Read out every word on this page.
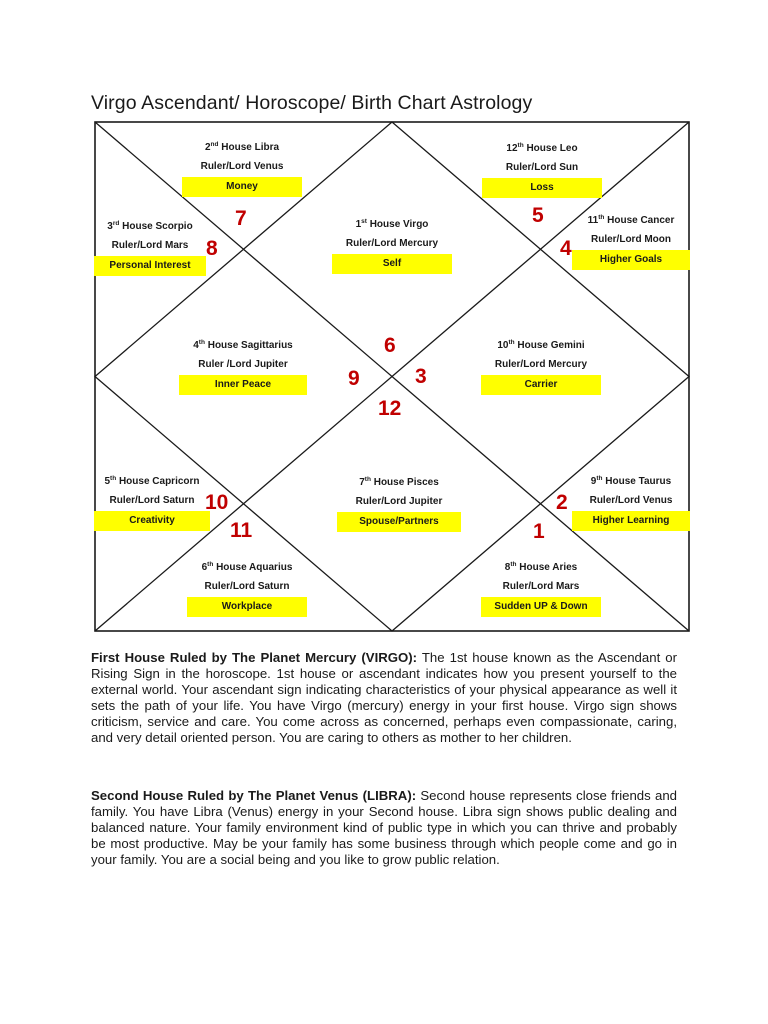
Virgo Ascendant/ Horoscope/ Birth Chart Astrology
1st House Virgo
Ruler/Lord Mercury
Self
2nd House Libra
Ruler/Lord Venus
Money
3rd House Scorpio
Ruler/Lord Mars
Personal Interest
4th House Sagittarius
Ruler /Lord Jupiter
Inner Peace
5th House Capricorn
Ruler/Lord Saturn
Creativity
6th House Aquarius
Ruler/Lord Saturn
Workplace
7th House Pisces
Ruler/Lord Jupiter
Spouse/Partners
8th House Aries
Ruler/Lord Mars
Sudden UP & Down
9th House Taurus
Ruler/Lord Venus
Higher Learning
10th House Gemini
Ruler/Lord Mercury
Carrier
11th House Cancer
Ruler/Lord Moon
Higher Goals
12th House Leo
Ruler/Lord Sun
Loss
6
7
8
5
4
9	3
12
10
11
2
1

First House Ruled by The Planet Mercury (VIRGO): The 1st house known as the Ascendant or Rising Sign in the horoscope. 1st house or ascendant indicates how you present yourself to the external world. Your ascendant sign indicating characteristics of your physical appearance as well it sets the path of your life. You have Virgo (mercury) energy in your first house. Virgo sign shows criticism, service and care. You come across as concerned, perhaps even compassionate, caring, and very detail oriented person. You are caring to others as mother to her children.

Second House Ruled by The Planet Venus (LIBRA): Second house represents close friends and family. You have Libra (Venus) energy in your Second house. Libra sign shows public dealing and balanced nature. Your family environment kind of public type in which you can thrive and probably be most productive. May be your family has some business through which people come and go in your family. You are a social being and you like to grow public relation.
